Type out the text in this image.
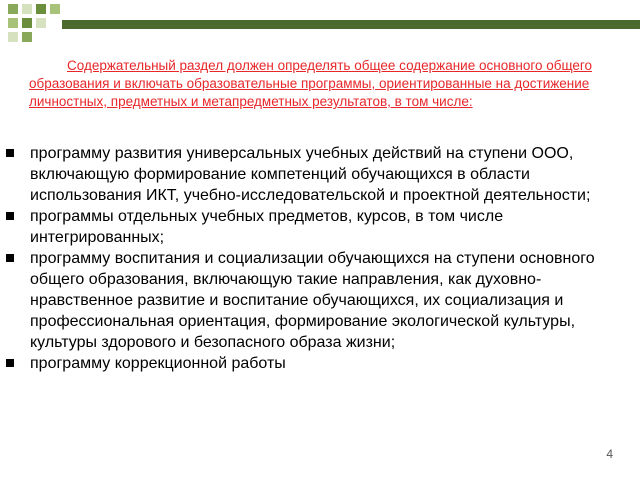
Содержательный раздел должен определять общее содержание основного общего образования и включать образовательные программы, ориентированные на достижение личностных, предметных и метапредметных результатов, в том числе:
программу развития универсальных учебных действий на ступени ООО, включающую формирование компетенций обучающихся в области использования ИКТ, учебно-исследовательской и проектной деятельности;
программы отдельных учебных предметов, курсов, в том числе интегрированных;
программу воспитания и социализации обучающихся на ступени основного общего образования, включающую такие направления, как духовно-нравственное развитие и воспитание обучающихся, их социализация и профессиональная ориентация, формирование экологической культуры, культуры здорового и безопасного образа жизни;
программу коррекционной работы
4
